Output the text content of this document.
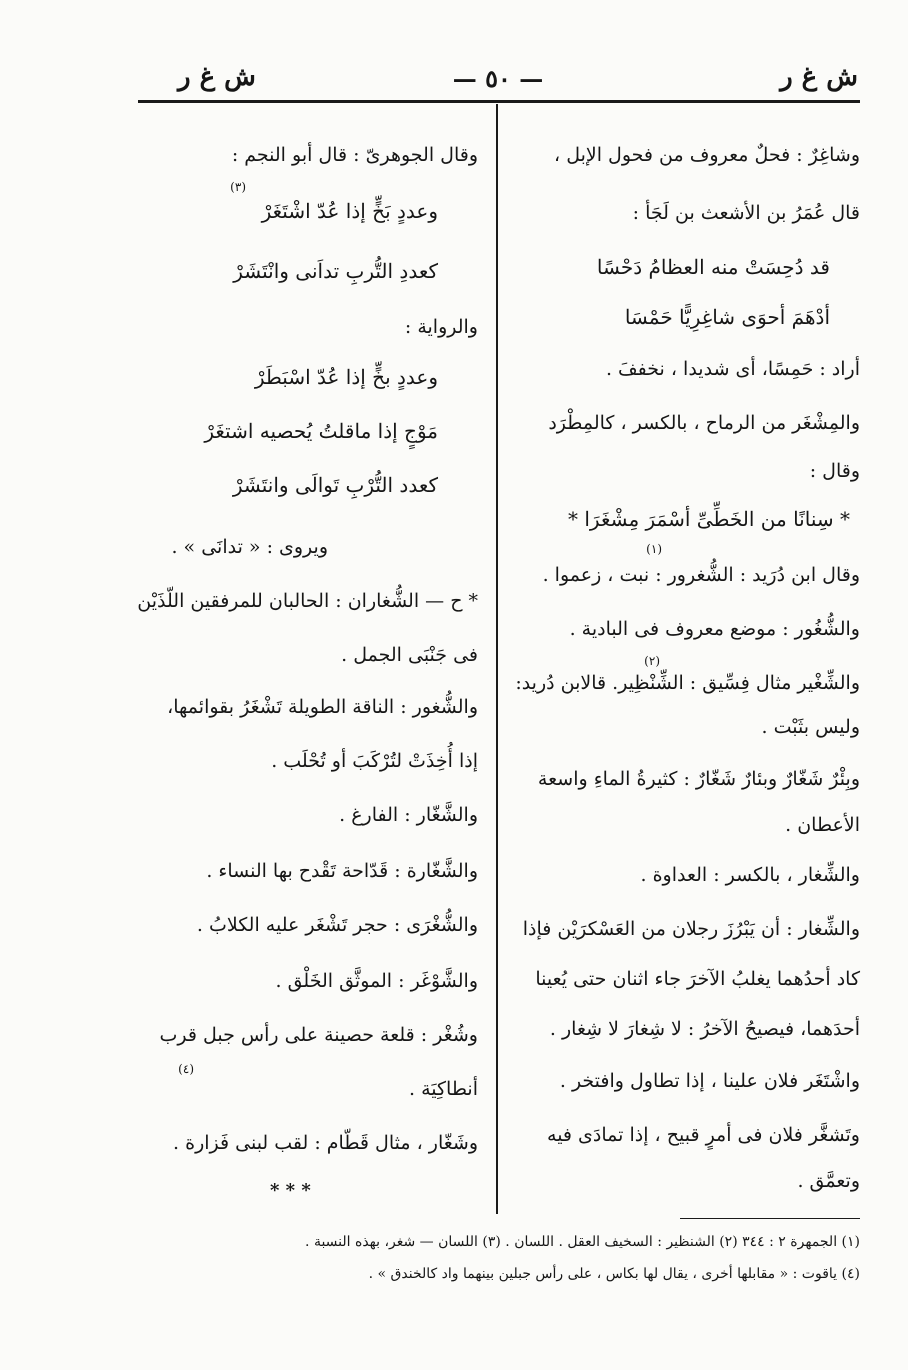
ش غ ر
— ٥٠ —
ش غ ر
وشاغِرٌ : فحلٌ معروف من فحول الإبل ،
قال عُمَرُ بن الأشعث بن لَجَأ :
قد دُحِسَتْ منه العظامُ دَحْسًا
أدْهَمَ أحوَى شاغِرِيًّا حَمْسَا
أراد : حَمِسًا، أى شديدا ، نخففَ .
والمِشْغَر من الرماح ، بالكسر ، كالمِطْرَد
وقال :
* سِنانًا من الخَطِّىِّ أسْمَرَ مِشْغَرَا *
وقال ابن دُرَيد : الشُّغرور : نبت ، زعموا .
والشُّغُور : موضع معروف فى البادية .
والشِّغْير مثال فِسِّيق : الشِّنْظِير. قالابن دُريد:
وليس بثَبْت .
وبِئْرٌ شَغّارٌ وبئارٌ شَغّارٌ : كثيرةُ الماءِ واسعة
الأعطان .
والشِّغار ، بالكسر : العداوة .
والشِّغار : أن يَبْرُزَ رجلان من العَسْكرَيْن فإذا
كاد أحدُهما يغلبُ الآخرَ جاء اثنان حتى يُعينا
أحدَهما، فيصيحُ الآخرُ : لا شِغارَ لا شِغار .
واشْتَغَر فلان علينا ، إذا تطاول وافتخر .
وتَشغَّر فلان فى أمرٍ قبيح ، إذا تمادَى فيه
وتعمَّق .
(١)
(٢)
وقال الجوهرىّ : قال أبو النجم :
(٣)
وعددٍ بَخٍّ إذا عُدّ اشْتَغَرْ
كعددِ التُّربِ تداَنى وانْتَشَرْ
والرواية :
وعددٍ بخٍّ إذا عُدّ اسْبَطَرْ
مَوْجٍ إذا ماقلتُ يُحصيه اشتغَرْ
كعدد التُّرْبِ تَوالَى وانتَشَرْ
ويروى : « تدانَى » .
* ح — الشُّغاران : الحالبان للمرفقين اللّذَيْن
فى جَنْبَى الجمل .
والشُّغور : الناقة الطويلة تَشْغَرُ بقوائمها،
إذا أُخِذَتْ لتُرْكَبَ أو تُحْلَب .
والشَّغّار : الفارغ .
والشَّغّارة : قَدّاحة تَقْدح بها النساء .
والشُّغْرَى : حجر تَشْغَر عليه الكلابُ .
والشَّوْغَر : الموثَّق الخَلْق .
وشُغْر : قلعة حصينة على رأس جبل قرب
(٤)
أنطاكِيَة .
وشَغّار ، مثال قَطّام : لقب لبنى فَزارة .
* * *
(١) الجمهرة ٢ : ٣٤٤ (٢) الشنظير : السخيف العقل . اللسان . (٣) اللسان — شغر، بهذه النسبة .
(٤) ياقوت : « مقابلها أخرى ، يقال لها بكاس ، على رأس جبلين بينهما واد كالخندق » .
